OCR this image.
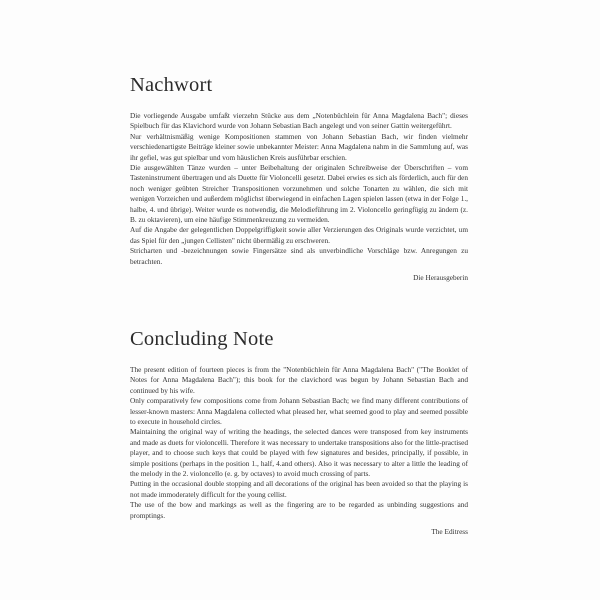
Nachwort

Die vorliegende Ausgabe umfaßt vierzehn Stücke aus dem „Notenbüchlein für Anna Magdalena Bach"; dieses Spielbuch für das Klavichord wurde von Johann Sebastian Bach angelegt und von seiner Gattin weitergeführt.

Nur verhältnismäßig wenige Kompositionen stammen von Johann Sebastian Bach, wir finden vielmehr verschiedenartigste Beiträge kleiner sowie unbekannter Meister: Anna Magdalena nahm in die Sammlung auf, was ihr gefiel, was gut spielbar und vom häuslichen Kreis ausführbar erschien.

Die ausgewählten Tänze wurden – unter Beibehaltung der originalen Schreibweise der Überschriften – vom Tasteninstrument übertragen und als Duette für Violoncelli gesetzt. Dabei erwies es sich als förderlich, auch für den noch weniger geübten Streicher Transpositionen vorzunehmen und solche Tonarten zu wählen, die sich mit wenigen Vorzeichen und außerdem möglichst überwiegend in einfachen Lagen spielen lassen (etwa in der Folge 1., halbe, 4. und übrige). Weiter wurde es notwendig, die Melodieführung im 2. Violoncello geringfügig zu ändern (z. B. zu oktavieren), um eine häufige Stimmenkreuzung zu vermeiden.

Auf die Angabe der gelegentlichen Doppelgriffigkeit sowie aller Verzierungen des Originals wurde verzichtet, um das Spiel für den „jungen Cellisten" nicht übermäßig zu erschweren.

Stricharten und -bezeichnungen sowie Fingersätze sind als unverbindliche Vorschläge bzw. Anregungen zu betrachten.

Die Herausgeberin
Concluding Note

The present edition of fourteen pieces is from the "Notenbüchlein für Anna Magdalena Bach" ("The Booklet of Notes for Anna Magdalena Bach"); this book for the clavichord was begun by Johann Sebastian Bach and continued by his wife.

Only comparatively few compositions come from Johann Sebastian Bach; we find many different contributions of lesser-known masters: Anna Magdalena collected what pleased her, what seemed good to play and seemed possible to execute in household circles.

Maintaining the original way of writing the headings, the selected dances were transposed from key instruments and made as duets for violoncelli. Therefore it was necessary to undertake transpositions also for the little-practised player, and to choose such keys that could be played with few signatures and besides, principally, if possible, in simple positions (perhaps in the position 1., half, 4.and others). Also it was necessary to alter a little the leading of the melody in the 2. violoncello (e. g. by octaves) to avoid much crossing of parts.

Putting in the occasional double stopping and all decorations of the original has been avoided so that the playing is not made immoderately difficult for the young cellist.

The use of the bow and markings as well as the fingering are to be regarded as unbinding suggestions and promptings.

The Editress
